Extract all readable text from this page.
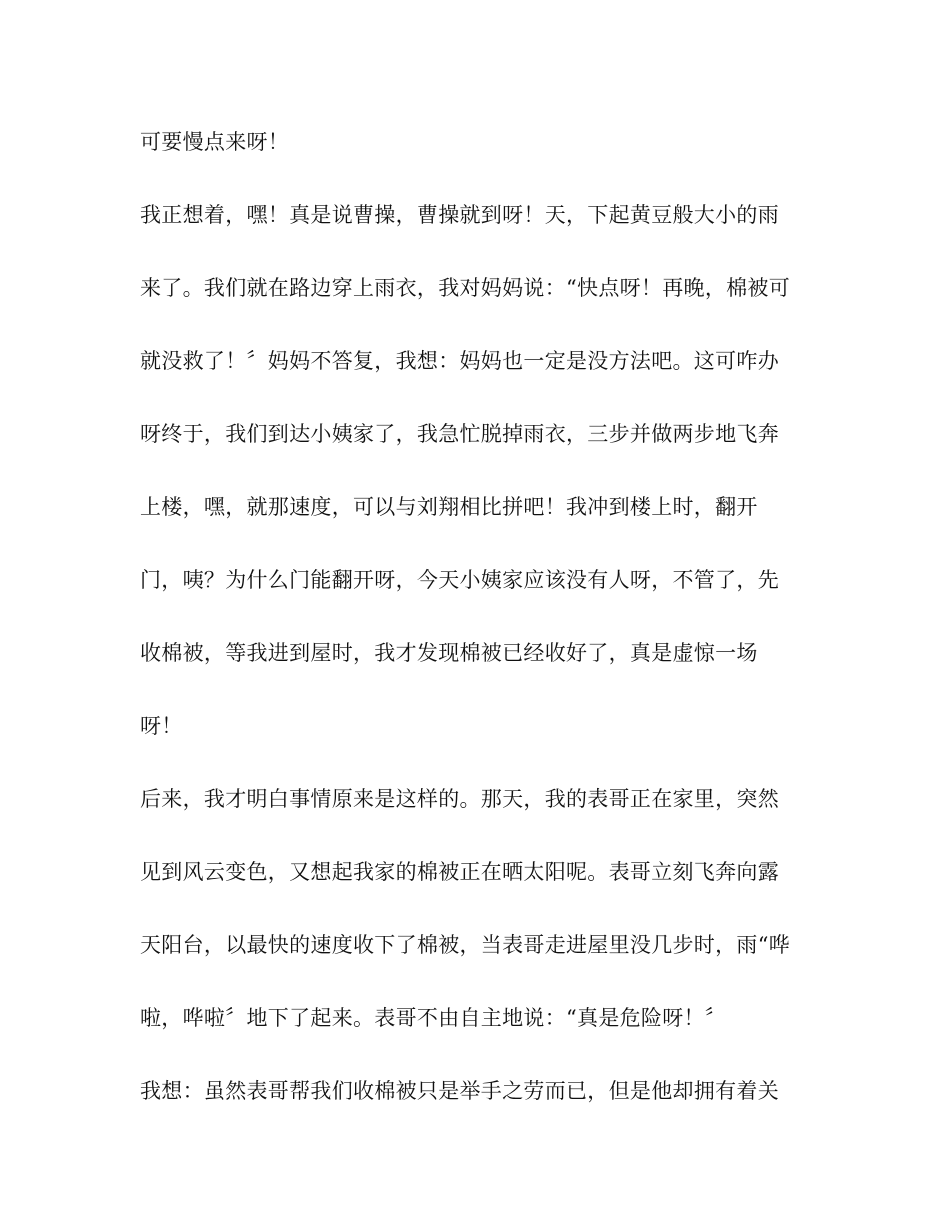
可要慢点来呀！

我正想着，嘿！真是说曹操，曹操就到呀！天，下起黄豆般大小的雨

来了。我们就在路边穿上雨衣，我对妈妈说：“快点呀！再晚，棉被可

就没救了！〞妈妈不答复，我想：妈妈也一定是没方法吧。这可咋办

呀终于，我们到达小姨家了，我急忙脱掉雨衣，三步并做两步地飞奔

上楼，嘿，就那速度，可以与刘翔相比拼吧！我冲到楼上时，翻开

门，咦？为什么门能翻开呀，今天小姨家应该没有人呀，不管了，先

收棉被，等我进到屋时，我才发现棉被已经收好了，真是虚惊一场

呀！

后来，我才明白事情原来是这样的。那天，我的表哥正在家里，突然

见到风云变色，又想起我家的棉被正在晒太阳呢。表哥立刻飞奔向露

天阳台，以最快的速度收下了棉被，当表哥走进屋里没几步时，雨“哗

啦，哗啦〞地下了起来。表哥不由自主地说：“真是危险呀！〞

我想：虽然表哥帮我们收棉被只是举手之劳而已，但是他却拥有着关
